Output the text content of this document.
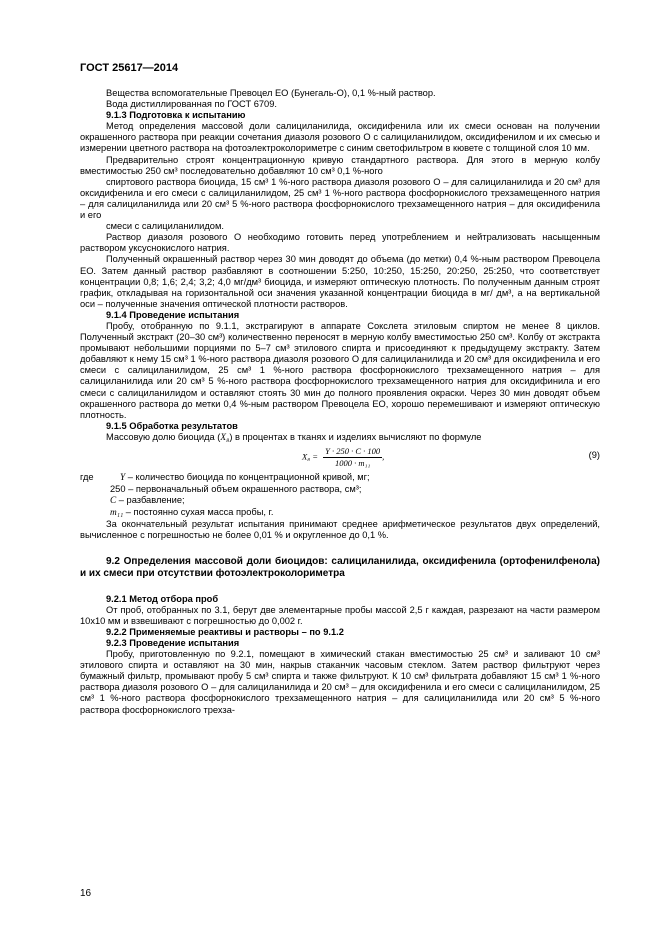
ГОСТ 25617—2014

Вещества вспомогательные Превоцел ЕО (Бунегаль-О), 0,1 %-ный раствор.

Вода дистиллированная по ГОСТ 6709.

9.1.3 Подготовка к испытанию

Метод определения массовой доли салициланилида, оксидифенила или их смеси основан на получении окрашенного раствора при реакции сочетания диазоля розового О с салициланилидом, оксидифенилом и их смесью и измерении цветного раствора на фотоэлектроколориметре с синим светофильтром в кювете с толщиной слоя 10 мм.

Предварительно строят концентрационную кривую стандартного раствора. Для этого в мерную колбу вместимостью 250 см³ последовательно добавляют 10 см³ 0,1 %-ного

спиртового раствора биоцида, 15 см³ 1 %-ного раствора диазоля розового О – для салициланилида и 20 см³ для оксидифенила и его смеси с салициланилидом, 25 см³ 1 %-ного раствора фосфорнокислого трехзамещенного натрия – для салициланилида или 20 см³ 5 %-ного раствора фосфорнокислого трехзамещенного натрия – для оксидифенила и его

смеси с салициланилидом.

Раствор диазоля розового О необходимо готовить перед употреблением и нейтрализовать насыщенным раствором уксуснокислого натрия.

Полученный окрашенный раствор через 30 мин доводят до объема (до метки) 0,4 %-ным раствором Превоцела ЕО. Затем данный раствор разбавляют в соотношении 5:250, 10:250, 15:250, 20:250, 25:250, что соответствует концентрации 0,8; 1,6; 2,4; 3,2; 4,0 мг/дм³ биоцида, и измеряют оптическую плотность. По полученным данным строят график, откладывая на горизонтальной оси значения указанной концентрации биоцида в мг/ дм³, а на вертикальной оси – полученные значения оптической плотности растворов.

9.1.4 Проведение испытания

Пробу, отобранную по 9.1.1, экстрагируют в аппарате Сокслета этиловым спиртом не менее 8 циклов. Полученный экстракт (20–30 см³) количественно переносят в мерную колбу вместимостью 250 см³. Колбу от экстракта промывают небольшими порциями по 5–7 см³ этилового спирта и присоединяют к предыдущему экстракту. Затем добавляют к нему 15 см³ 1 %-ного раствора диазоля розового О для салициланилида и 20 см³ для оксидифенила и его смеси с салициланилидом, 25 см³ 1 %-ного раствора фосфорнокислого трехзамещенного натрия – для салициланилида или 20 см³ 5 %-ного раствора фосфорнокислого трехзамещенного натрия для оксидифинила и его смеси с салициланилидом и оставляют стоять 30 мин до полного проявления окраски. Через 30 мин доводят объем окрашенного раствора до метки 0,4 %-ным раствором Превоцела ЕО, хорошо перемешивают и измеряют оптическую плотность.

9.1.5 Обработка результатов

Массовую долю биоцида (X₈) в процентах в тканях и изделиях вычисляют по формуле

$X_8 = \frac{Y \cdot 250 \cdot C \cdot 100}{\text{1000 · m₁₁}}$ ,	(9)
где	Y – количество биоцида по концентрационной кривой, мг;
250 – первоначальный объем окрашенного раствора, см³;
C – разбавление;
m₁₁ – постоянно сухая масса пробы, г.

За окончательный результат испытания принимают среднее арифметическое результатов двух определений, вычисленное с погрешностью не более 0,01 % и округленное до 0,1 %.

9.2 Определения массовой доли биоцидов: салициланилида, оксидифенила (ортофенилфенола) и их смеси при отсутствии фотоэлектроколориметра

9.2.1 Метод отбора проб

От проб, отобранных по 3.1, берут две элементарные пробы массой 2,5 г каждая, разрезают на части размером 10х10 мм и взвешивают с погрешностью до 0,002 г.

9.2.2 Применяемые реактивы и растворы – по 9.1.2

9.2.3 Проведение испытания

Пробу, приготовленную по 9.2.1, помещают в химический стакан вместимостью 25 см³ и заливают 10 см³ этилового спирта и оставляют на 30 мин, накрыв стаканчик часовым стеклом. Затем раствор фильтруют через бумажный фильтр, промывают пробу 5 см³ спирта и также фильтруют. К 10 см³ фильтрата добавляют 15 см³ 1 %-ного раствора диазоля розового О – для салициланилида и 20 см³ – для оксидифенила и его смеси с салициланилидом, 25 см³ 1 %-ного раствора фосфорнокислого трехзамещенного натрия – для салициланилида или 20 см³ 5 %-ного раствора фосфорнокислого трехза-

16
